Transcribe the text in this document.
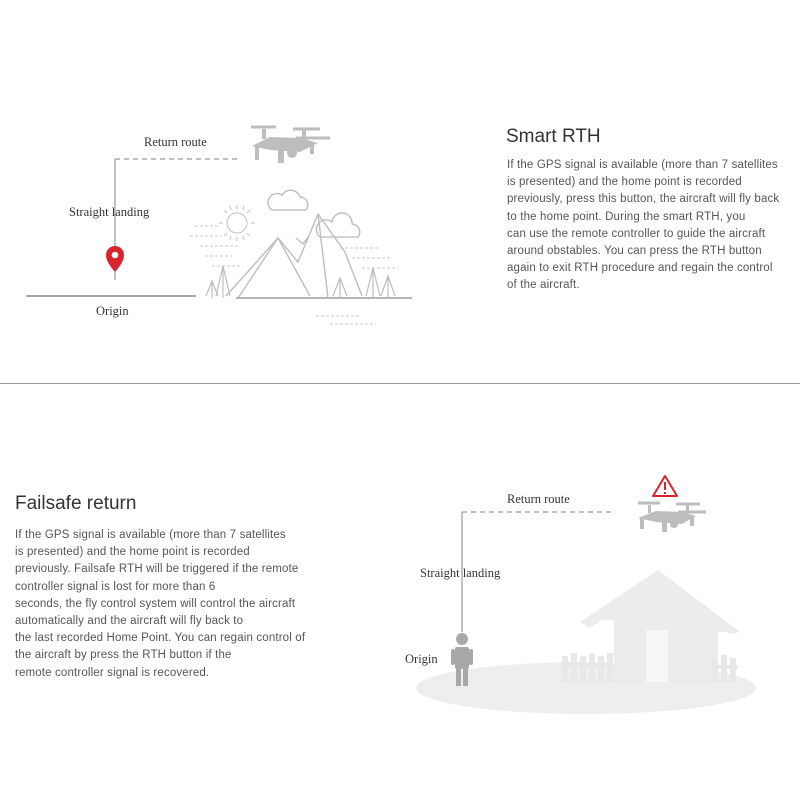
Return route
Straight landing
Origin
Smart RTH
If the GPS signal is available (more than 7 satellites
is presented) and the home point is recorded
previously, press this button, the aircraft will fly back
to the home point. During the smart RTH, you
can use the remote controller to guide the aircraft
around obstables. You can press the RTH button
again to exit RTH procedure and regain the control
of the aircraft.
Failsafe return
If the GPS signal is available (more than 7 satellites
is presented) and the home point is recorded
previously. Failsafe RTH will be triggered if the remote
controller signal is lost for more than 6
seconds, the fly control system will control the aircraft
automatically and the aircraft will fly back to
the last recorded Home Point. You can regain control of
the aircraft by press the RTH button if the
remote controller signal is recovered.
Return route
Straight landing
Origin
